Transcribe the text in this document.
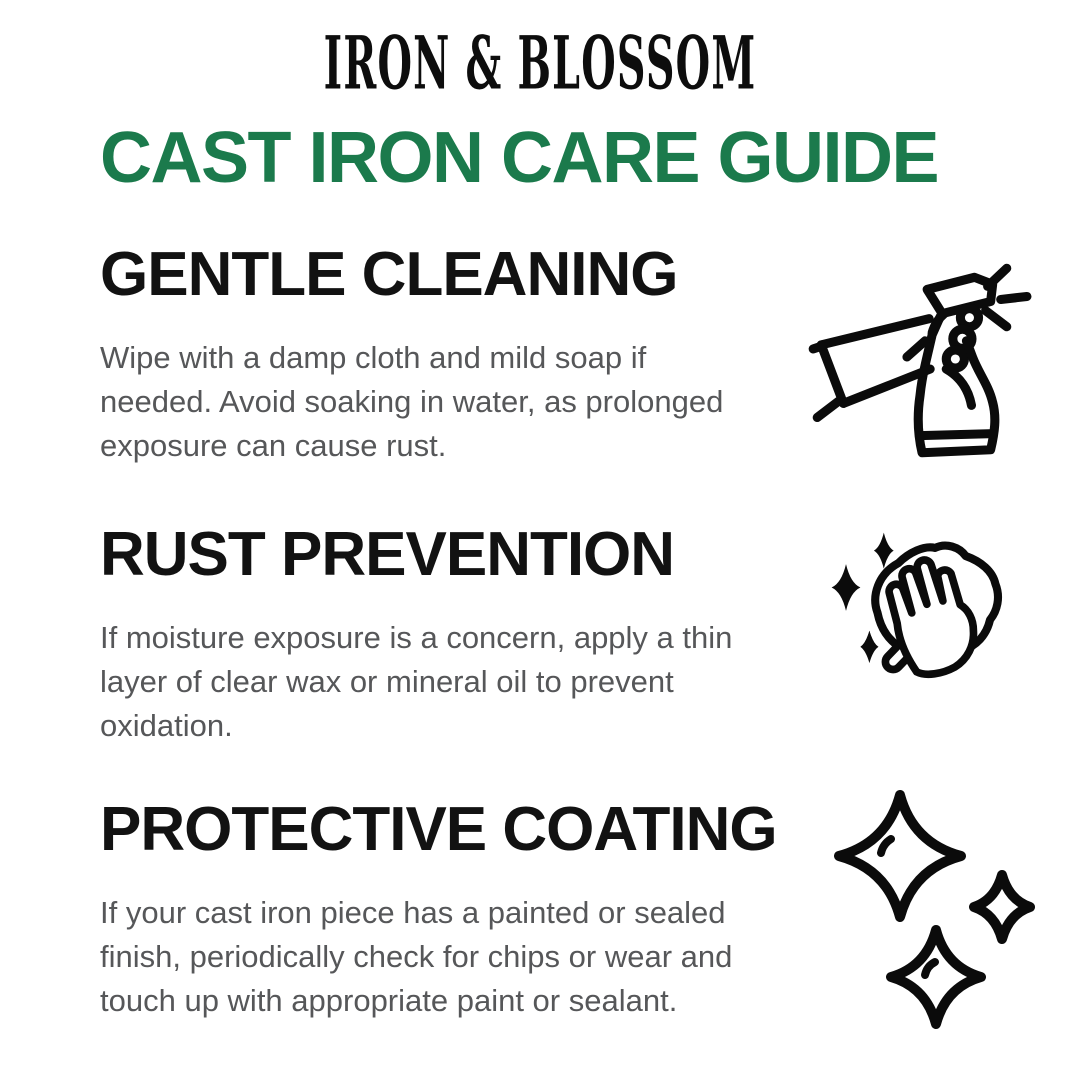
IRON & BLOSSOM
CAST IRON CARE GUIDE
GENTLE CLEANING

Wipe with a damp cloth and mild soap if
needed. Avoid soaking in water, as prolonged
exposure can cause rust.

RUST PREVENTION

If moisture exposure is a concern, apply a thin
layer of clear wax or mineral oil to prevent
oxidation.

PROTECTIVE COATING

If your cast iron piece has a painted or sealed
finish, periodically check for chips or wear and
touch up with appropriate paint or sealant.
